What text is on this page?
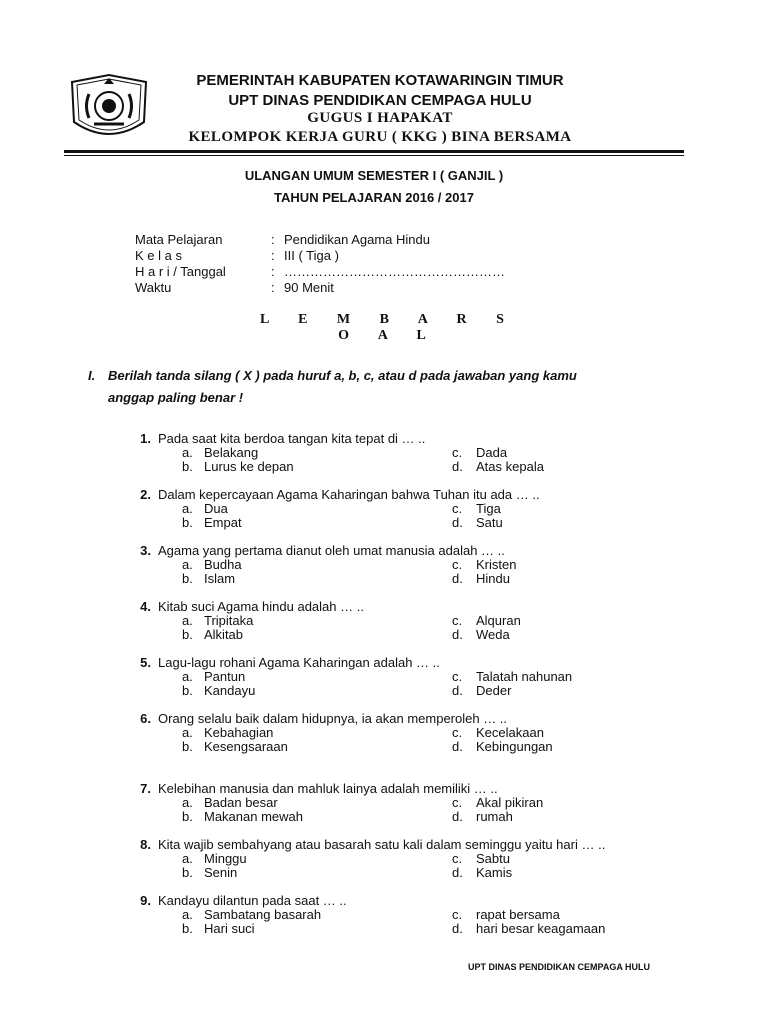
PEMERINTAH KABUPATEN KOTAWARINGIN TIMUR
UPT DINAS PENDIDIKAN CEMPAGA HULU
GUGUS I HAPAKAT
KELOMPOK KERJA GURU ( KKG ) BINA BERSAMA
ULANGAN UMUM SEMESTER I ( GANJIL )
TAHUN PELAJARAN 2016 / 2017
Mata Pelajaran	: Pendidikan Agama Hindu
K e l a s	: III ( Tiga )
H a r i / Tanggal	: ……………………………………………
Waktu	: 90 Menit
L E M B A R S O A L
I. Berilah tanda silang ( X ) pada huruf a, b, c, atau d pada jawaban yang kamu
anggap paling benar !
1. Pada saat kita berdoa tangan kita tepat di … ..
a. Belakang	c. Dada
b. Lurus ke depan	d. Atas kepala
2. Dalam kepercayaan Agama Kaharingan bahwa Tuhan itu ada … ..
a. Dua	c. Tiga
b. Empat	d. Satu
3. Agama yang pertama dianut oleh umat manusia adalah … ..
a. Budha	c. Kristen
b. Islam	d. Hindu
4. Kitab suci Agama hindu adalah … ..
a. Tripitaka	c. Alquran
b. Alkitab	d. Weda
5. Lagu-lagu rohani Agama Kaharingan adalah … ..
a. Pantun	c. Talatah nahunan
b. Kandayu	d. Deder
6. Orang selalu baik dalam hidupnya, ia akan memperoleh … ..
a. Kebahagian	c. Kecelakaan
b. Kesengsaraan	d. Kebingungan
7. Kelebihan manusia dan mahluk lainya adalah memiliki … ..
a. Badan besar	c. Akal pikiran
b. Makanan mewah	d. rumah
8. Kita wajib sembahyang atau basarah satu kali dalam seminggu yaitu hari … ..
a. Minggu	c. Sabtu
b. Senin	d. Kamis
9. Kandayu dilantun pada saat … ..
a. Sambatang basarah	c. rapat bersama
b. Hari suci	d. hari besar keagamaan
UPT DINAS PENDIDIKAN CEMPAGA HULU
